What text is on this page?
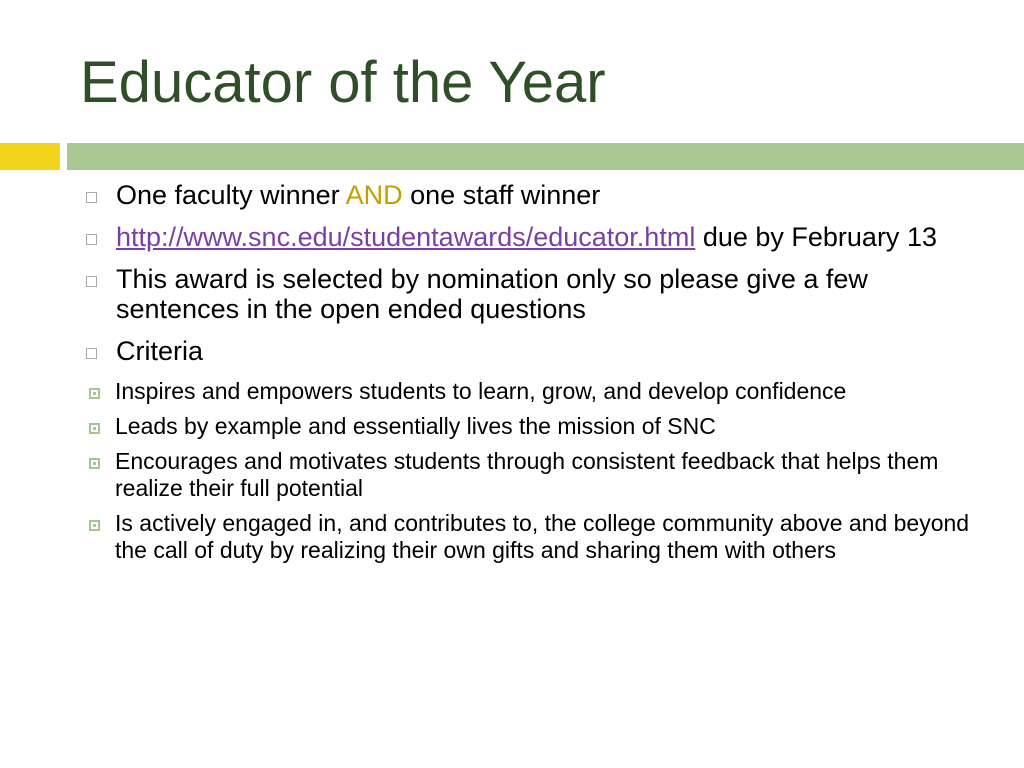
Educator of the Year
One faculty winner AND one staff winner
http://www.snc.edu/studentawards/educator.html due by February 13
This award is selected by nomination only so please give a few sentences in the open ended questions
Criteria
Inspires and empowers students to learn, grow, and develop confidence
Leads by example and essentially lives the mission of SNC
Encourages and motivates students through consistent feedback that helps them realize their full potential
Is actively engaged in, and contributes to, the college community above and beyond the call of duty by realizing their own gifts and sharing them with others
